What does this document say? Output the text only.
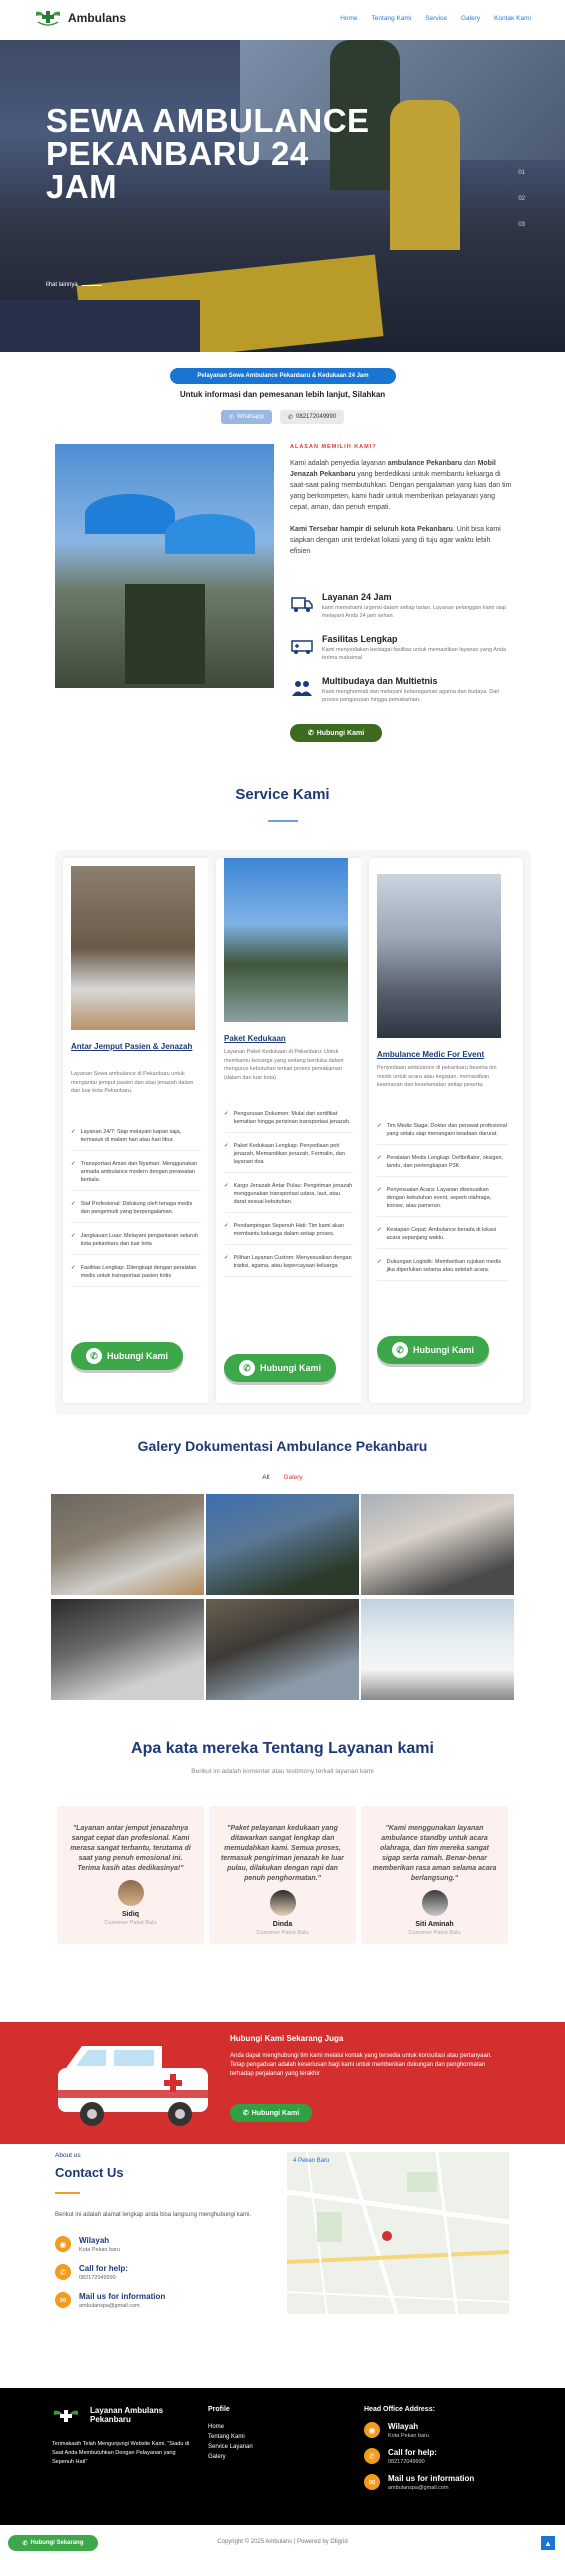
Ambulans	Home Tentang Kami Service Galery Kontak Kami
SEWA AMBULANCE PEKANBARU 24 JAM
lihat lainnya
01
02
03
Pelayanan Sewa Ambulance Pekanbaru & Kedukaan 24 Jam
Untuk informasi dan pemesanan lebih lanjut, Silahkan
✆ Whatsapp	✆ 082172049990
ALASAN MEMILIH KAMI?
Kami adalah penyedia layanan ambulance Pekanbaru dan Mobil Jenazah Pekanbaru yang berdedikasi untuk membantu keluarga di saat-saat paling membutuhkan. Dengan pengalaman yang luas dan tim yang berkompeten, kami hadir untuk memberikan pelayanan yang cepat, aman, dan penuh empati.

Kami Tersebar hampir di seluruh kota Pekanbaru. Unit bisa kami siapkan dengan unit terdekat lokasi yang di tuju agar waktu lebih efisien
Layanan 24 Jam

kami memahami urgensi dalam setiap tarian. Layanan pelanggan kami siap melayani Anda 24 jam sehari.

Fasilitas Lengkap

Kami menyediakan berbagai fasilitas untuk memastikan layanan yang Anda terima maksimal

Multibudaya dan Multietnis

Kami menghormati dan melayani keberagaman agama dan budaya. Dari proses pengurusan hingga pemakaman.

✆ Hubungi Kami
Service Kami
Antar Jemput Pasien & Jenazah
Layanan Sewa ambulance di Pekanbaru untuk mengantar jemput pasien dan atau jenazah dalam dan luar kota Pekanbaru.
✓ Layanan 24/7: Siap melayani kapan saja, termasuk di malam hari atau hari libur.
✓ Transportasi Aman dan Nyaman: Menggunakan armada ambulance modern dengan perawatan berkala.
✓ Staf Profesional: Didukung oleh tenaga medis dan pengemudi yang berpengalaman.
✓ Jangkauan Luas: Melayani pengantaran seluruh kota pekanbaru dan luar kota
✓ Fasilitas Lengkap: Dilengkapi dengan peralatan medis untuk transportasi pasien kritis
✆	Hubungi Kami
Paket Kedukaan
Layanan Paket Kedukaan di Pekanbaru: Untuk membantu keluarga yang sedang berduka dalam mengurus kebutuhan terkait proses pemakaman (dalam dan luar kota)
✓ Pengurusan Dokumen: Mulai dari sertifikat kematian hingga perizinan transportasi jenazah.
✓ Paket Kedukaan Lengkap: Penyediaan peti jenazah, Memandikan jenazah, Formalin, dan layanan doa
✓ Kargo Jenazah Antar Pulau: Pengiriman jenazah menggunakan transportasi udara, laut, atau darat sesuai kebutuhan.
✓ Pendampingan Sepenuh Hati: Tim kami akan membantu keluarga dalam setiap proses.
✓ Pilihan Layanan Custom: Menyesuaikan dengan tradisi, agama, atau kepercayaan keluarga
✆	Hubungi Kami
Ambulance Medic For Event
Penyediaan ambulance di pekanbaru beserta tim medis untuk acara atau kegiatan, memastikan keamanan dan keselamatan setiap peserta.
✓ Tim Medis Siaga: Dokter dan perawat profesional yang selalu siap menangani keadaan darurat.
✓ Peralatan Medis Lengkap: Defibrillator, oksigen, tandu, dan perlengkapan P3K.
✓ Penyesuaian Acara: Layanan disesuaikan dengan kebutuhan event, seperti olahraga, konser, atau pameran.
✓ Kesiapan Cepat: Ambulance berada di lokasi acara sepanjang waktu.
✓ Dukungan Logistik: Memberikan rujukan medis jika diperlukan selama atau setelah acara.
✆	Hubungi Kami
Galery Dokumentasi Ambulance Pekanbaru
All Galery
Apa kata mereka Tentang Layanan kami
Berikut ini adalah komentar atau testimony terkait layanan kami
"Layanan antar jemput jenazahnya sangat cepat dan profesional. Kami merasa sangat terbantu, terutama di saat yang penuh emosional ini. Terima kasih atas dedikasinya!"
Sidiq
Customer Paket Batu
"Paket pelayanan kedukaan yang ditawarkan sangat lengkap dan memudahkan kami. Semua proses, termasuk pengiriman jenazah ke luar pulau, dilakukan dengan rapi dan penuh penghormatan."
Dinda
Customer Paket Batu
"Kami menggunakan layanan ambulance standby untuk acara olahraga, dan tim mereka sangat sigap serta ramah. Benar-benar memberikan rasa aman selama acara berlangsung."
Siti Aminah
Customer Paket Batu
Hubungi Kami Sekarang Juga

Anda dapat menghubungi tim kami melalui kontak yang tersedia untuk konsultasi atau pertanyaan. Tetap pengaduan adalah keseriusan bagi kami untuk memberikan dukungan dan penghormatan terhadap perjalanan yang terakhir

✆ Hubungi Kami
About us
Contact Us
Berikut ini adalah alamat lengkap anda bisa langsung menghubungi kami.
◉	Wilayah

Kota Pekan baru

✆	Call for help:

082172049990

✉	Mail us for information

ambulanspa@gmail.com

4 Pekan Baru
Layanan Ambulans Pekanbaru
Terimakasih Telah Mengunjungi Website Kami, "Siadu di Saat Anda Membutuhkan Dengan Pelayanan yang Sepenuh Hati"
Profile
Home
Tentang Kami
Service Layanan
Galery
Head Office Address:
◉	Wilayah

Kota Pekan baru

✆	Call for help:

082172049990

✉	Mail us for information

ambulanspa@gmail.com

✆ Hubungi Sekarang	Copyright © 2025 Ambulans | Powered by Dtigrid	▲
